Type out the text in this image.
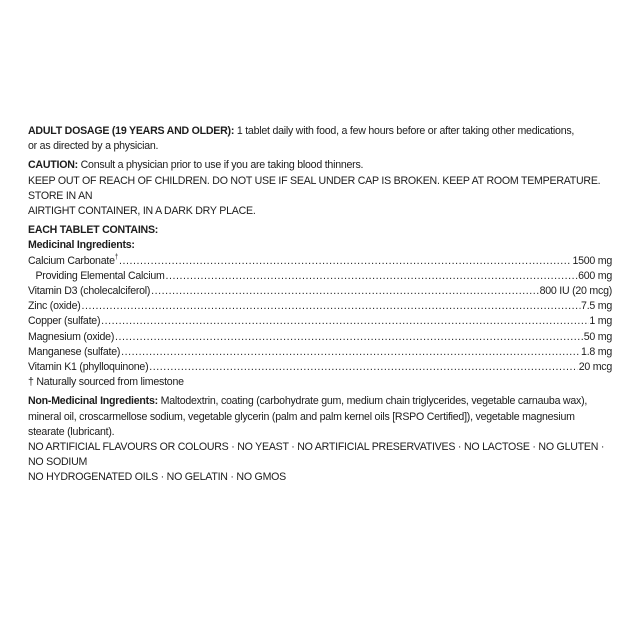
ADULT DOSAGE (19 YEARS AND OLDER): 1 tablet daily with food, a few hours before or after taking other medications,
or as directed by a physician.
CAUTION: Consult a physician prior to use if you are taking blood thinners.
KEEP OUT OF REACH OF CHILDREN. DO NOT USE IF SEAL UNDER CAP IS BROKEN. KEEP AT ROOM TEMPERATURE. STORE IN AN
AIRTIGHT CONTAINER, IN A DARK DRY PLACE.
EACH TABLET CONTAINS:
Medicinal Ingredients:
Calcium Carbonate† .....	1500 mg
Providing Elemental Calcium .....	600 mg
Vitamin D3 (cholecalciferol) .....	800 IU (20 mcg)
Zinc (oxide) .....	7.5 mg
Copper (sulfate) .....	1 mg
Magnesium (oxide) .....	50 mg
Manganese (sulfate) .....	1.8 mg
Vitamin K1 (phylloquinone) .....	20 mcg
† Naturally sourced from limestone
Non-Medicinal Ingredients: Maltodextrin, coating (carbohydrate gum, medium chain triglycerides, vegetable carnauba wax),
mineral oil, croscarmellose sodium, vegetable glycerin (palm and palm kernel oils [RSPO Certified]), vegetable magnesium
stearate (lubricant).
NO ARTIFICIAL FLAVOURS OR COLOURS · NO YEAST · NO ARTIFICIAL PRESERVATIVES · NO LACTOSE · NO GLUTEN · NO SODIUM
NO HYDROGENATED OILS · NO GELATIN · NO GMOS
